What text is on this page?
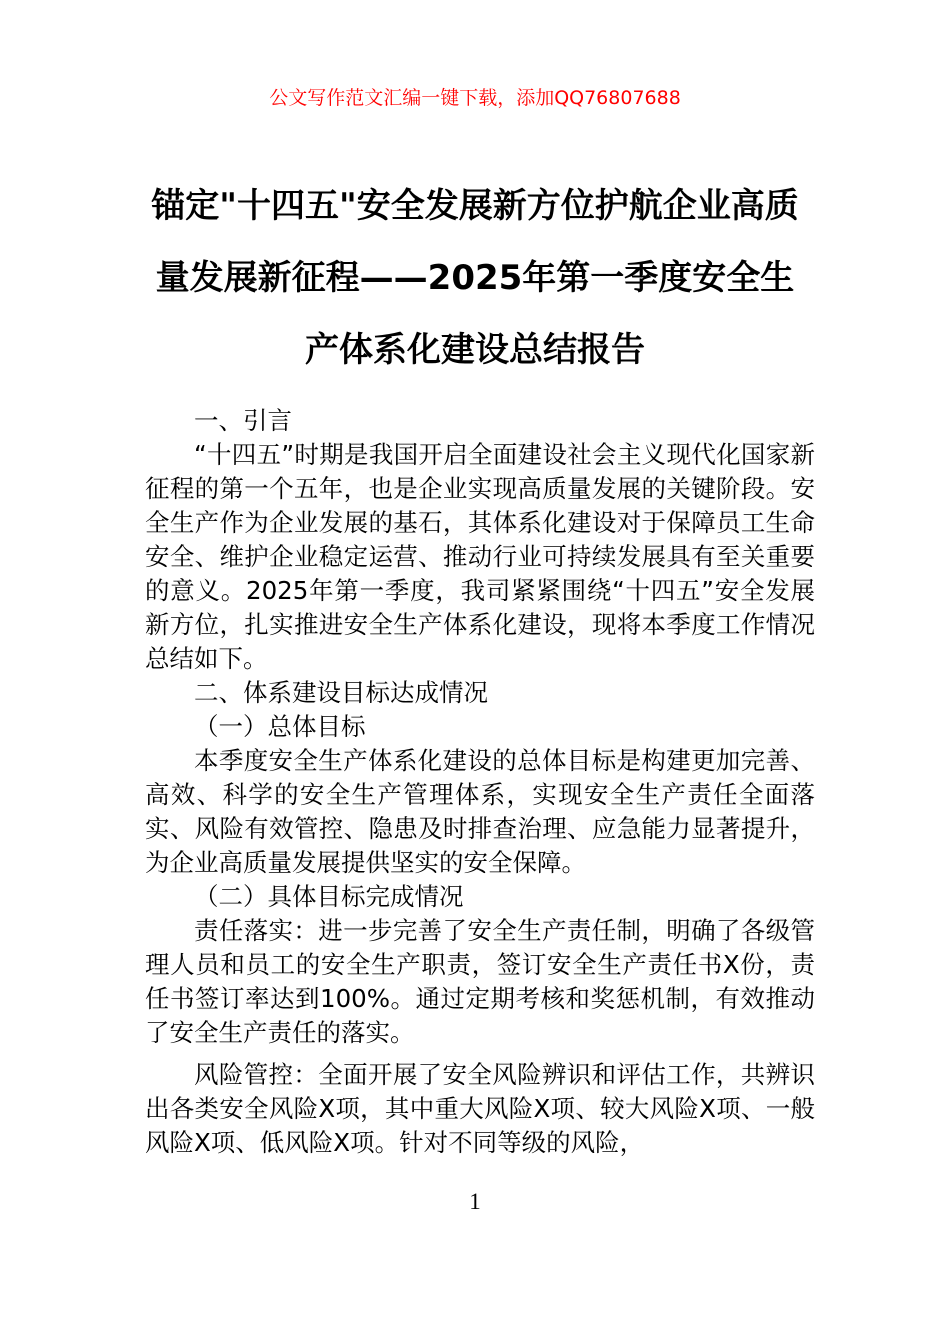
公文写作范文汇编一键下载，添加QQ76807688
锚定"十四五"安全发展新方位护航企业高质
量发展新征程——2025年第一季度安全生
产体系化建设总结报告

一、引言

“十四五”时期是我国开启全面建设社会主义现代化国家新征程的第一个五年，也是企业实现高质量发展的关键阶段。安全生产作为企业发展的基石，其体系化建设对于保障员工生命安全、维护企业稳定运营、推动行业可持续发展具有至关重要的意义。2025年第一季度，我司紧紧围绕“十四五”安全发展新方位，扎实推进安全生产体系化建设，现将本季度工作情况总结如下。

二、体系建设目标达成情况

（一）总体目标

本季度安全生产体系化建设的总体目标是构建更加完善、高效、科学的安全生产管理体系，实现安全生产责任全面落实、风险有效管控、隐患及时排查治理、应急能力显著提升，为企业高质量发展提供坚实的安全保障。

（二）具体目标完成情况

责任落实：进一步完善了安全生产责任制，明确了各级管理人员和员工的安全生产职责，签订安全生产责任书X份，责任书签订率达到100%。通过定期考核和奖惩机制，有效推动了安全生产责任的落实。

风险管控：全面开展了安全风险辨识和评估工作，共辨识出各类安全风险X项，其中重大风险X项、较大风险X项、一般风险X项、低风险X项。针对不同等级的风险，

1
